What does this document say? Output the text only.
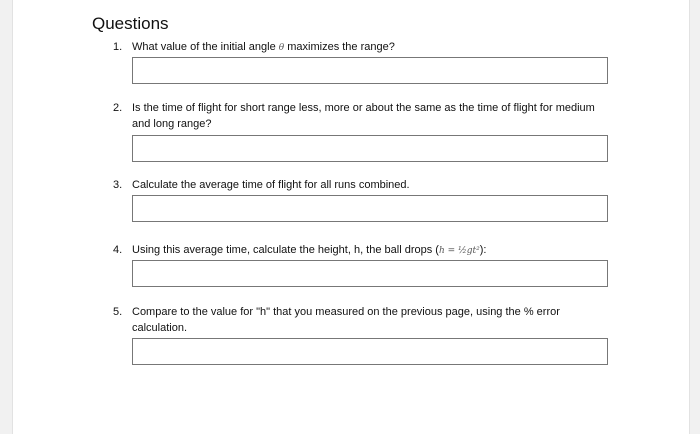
Questions
1. What value of the initial angle θ maximizes the range?
2. Is the time of flight for short range less, more or about the same as the time of flight for medium and long range?
3. Calculate the average time of flight for all runs combined.
4. Using this average time, calculate the height, h, the ball drops (h = ½gt²):
5. Compare to the value for "h" that you measured on the previous page, using the % error calculation.
